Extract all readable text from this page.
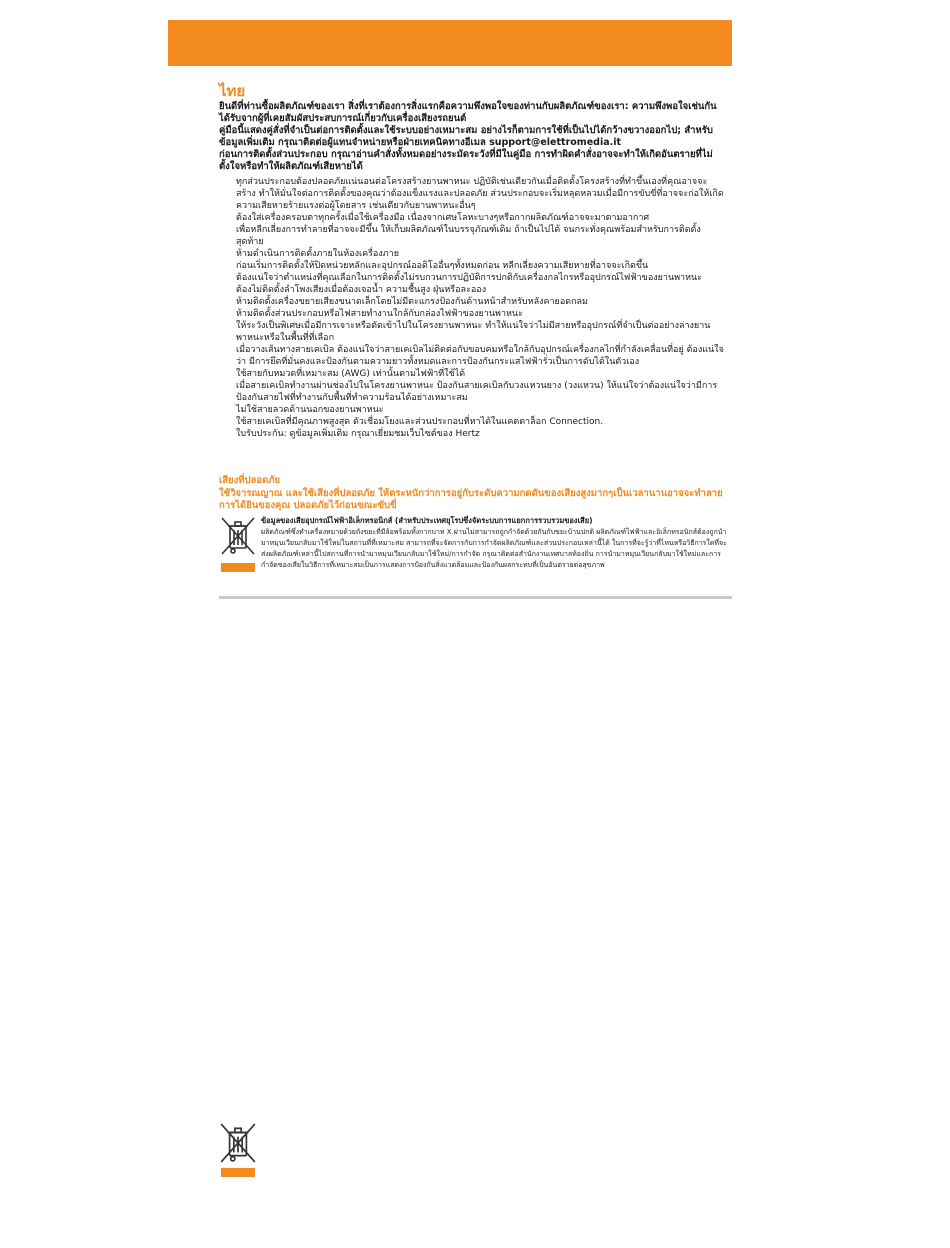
ไทย

ยินดีที่ท่านซื้อผลิตภัณฑ์ของเรา สิ่งที่เราต้องการสิ่งแรกคือความพึงพอใจของท่านกับผลิตภัณฑ์ของเรา: ความพึงพอใจเช่นกันได้รับจากผู้ที่เคยสัมผัสประสบการณ์เกี่ยวกับเครื่องเสียงรถยนต์

คู่มือนี้แสดงคู่สั่งที่จำเป็นต่อการติดตั้งและใช้ระบบอย่างเหมาะสม อย่างไรก็ตามการใช้ที่เป็นไปได้กว้างขวางออกไป; สำหรับข้อมูลเพิ่มเติม กรุณาติดต่อผู้แทนจำหน่ายหรือฝ่ายเทคนิคทางอีเมล support@elettromedia.it

ก่อนการติดตั้งส่วนประกอบ กรุณาอ่านคำสั่งทั้งหมดอย่างระมัดระวังที่มีในคู่มือ การทำผิดคำสั่งอาจจะทำให้เกิดอันตรายที่ไม่ตั้งใจหรือทำให้ผลิตภัณฑ์เสียหายได้

ทุกส่วนประกอบต้องปลอดภัยแน่นอนต่อโครงสร้างยานพาหนะ ปฏิบัติเช่นเดียวกันเมื่อติดตั้งโครงสร้างที่ทำขึ้นเองที่คุณอาจจะสร้าง ทำให้มั่นใจต่อการติดตั้งของคุณว่าต้องแข็งแรงและปลอดภัย ส่วนประกอบจะเริ่มหลุดหลวมเมื่อมีการขับขี่ที่อาจจะก่อให้เกิดความเสียหายร้ายแรงต่อผู้โดยสาร เช่นเดียวกับยานพาหนะอื่นๆ
ต้องใส่เครื่องครอบตาทุกครั้งเมื่อใช้เครื่องมือ เนื่องจากเศษโลหะบางๆหรือกากผลิตภัณฑ์อาจจะมาตามอากาศ
เพื่อหลีกเลี่ยงการทำลายที่อาจจะมีขึ้น ให้เก็บผลิตภัณฑ์ในบรรจุภัณฑ์เดิม ถ้าเป็นไปได้ จนกระทั่งคุณพร้อมสำหรับการติดตั้งสุดท้าย
ห้ามดำเนินการติดตั้งภายในห้องเครื่องภาย
ก่อนเริ่มการติดตั้งให้ปิดหน่วยหลักและอุปกรณ์ออดิโออื่นๆทั้งหมดก่อน หลีกเลี่ยงความเสียหายที่อาจจะเกิดขึ้น
ต้องแน่ใจว่าตำแหน่งที่คุณเลือกในการติดตั้งไม่รบกวนการปฏิบัติการปกติกับเครื่องกลไกรหรืออุปกรณ์ไฟฟ้าของยานพาหนะ
ต้องไม่ติดตั้งลำโพงเสียงเมื่อต้องเจอน้ำ ความชื้นสูง ฝุ่นหรือละออง
ห้ามติดตั้งเครื่องขยายเสียงขนาดเล็กโดยไม่มีตะแกรงป้องกันด้านหน้าสำหรับหลังคายอดกลม
ห้ามติดตั้งส่วนประกอบหรือไฟสายทำงานใกล้กับกล่องไฟฟ้าของยานพาหนะ
ให้ระวังเป็นพิเศษเมื่อมีการเจาะหรือตัดเข้าไปในโครงยานพาหนะ ทำให้แน่ใจว่าไม่มีสายหรืออุปกรณ์ที่จำเป็นต่ออย่างล่างยานพาหนะหรือในพื้นที่ที่เลือก
เมื่อวางเส้นทางสายเคเบิล ต้องแน่ใจว่าสายเคเบิลไม่ติดต่อกับขอบคมหรือใกล้กับอุปกรณ์เครื่องกลไกที่กำลังเคลื่อนที่อยู่ ต้องแน่ใจว่า มีการยึดที่มั่นคงและป้องกันตามความยาวทั้งหมดและการป้องกันกระแสไฟฟ้ารั่วเป็นการดับได้ในตัวเอง
ใช้สายกับหมวดที่เหมาะสม (AWG) เท่านั้นตามไฟฟ้าที่ใช้ได้
เมื่อสายเคเบิลทำงานผ่านช่องไปในโครงยานพาหนะ ป้องกันสายเคเบิลกับวงแหวนยาง (วงแหวน) ให้แน่ใจว่าต้องแน่ใจว่ามีการป้องกันสายไฟที่ทำงานกับพื้นที่ทำความร้อนได้อย่างเหมาะสม
ไม่ใช้สายลวดด้านนอกของยานพาหนะ
ใช้สายเคเบิลที่มีคุณภาพสูงสุด ตัวเชื่อมโยงและส่วนประกอบที่หาได้ในแคตตาล็อก Connection.
ใบรับประกัน: ดูข้อมูลเพิ่มเติม กรุณาเยี่ยมชมเว็บไซต์ของ Hertz
เสียงที่ปลอดภัย

ใช้วิจารณญาณ และใช้เสียงที่ปลอดภัย ให้ตระหนักว่าการอยู่กับระดับความกดดันของเสียงสูงมากๆเป็นเวลานานอาจจะทำลายการได้ยินของคุณ ปลอดภัยไว้ก่อนขณะขับขี่

ข้อมูลของเสียอุปกรณ์ไฟฟ้าอิเล็กทรอนิกส์ (สำหรับประเทศยุโรปซึ่งจัดระบบการแยกการรวบรวมของเสีย)

ผลิตภัณฑ์ซึ่งทำเครื่องหมายด้วยถังขยะที่มีล้อพร้อมทั้งกากบาท X ผ่านไม่สามารถถูกกำจัดด้วยกันกับขยะบ้านปกติ ผลิตภัณฑ์ไฟฟ้าและอิเล็กทรอนิกส์ต้องถูกนำมาหมุนเวียนกลับมาใช้ใหม่ในสถานที่ที่เหมาะสม สามารถที่จะจัดการกับการกำจัดผลิตภัณฑ์และส่วนประกอบเหล่านี้ได้ ในการที่จะรู้ว่าที่ไหนหรือวิธีการใดที่จะส่งผลิตภัณฑ์เหล่านี้ไปสถานที่การนำมาหมุนเวียนกลับมาใช้ใหม่/การกำจัด กรุณาติดต่อสำนักงานเทศบาลท้องถิ่น การนำมาหมุนเวียนกลับมาใช้ใหม่และการกำจัดของเสียในวิธีการที่เหมาะสมเป็นการแสดงการป้องกันสิ่งแวดล้อมและป้องกันผลกระทบที่เป็นอันตรายต่อสุขภาพ
